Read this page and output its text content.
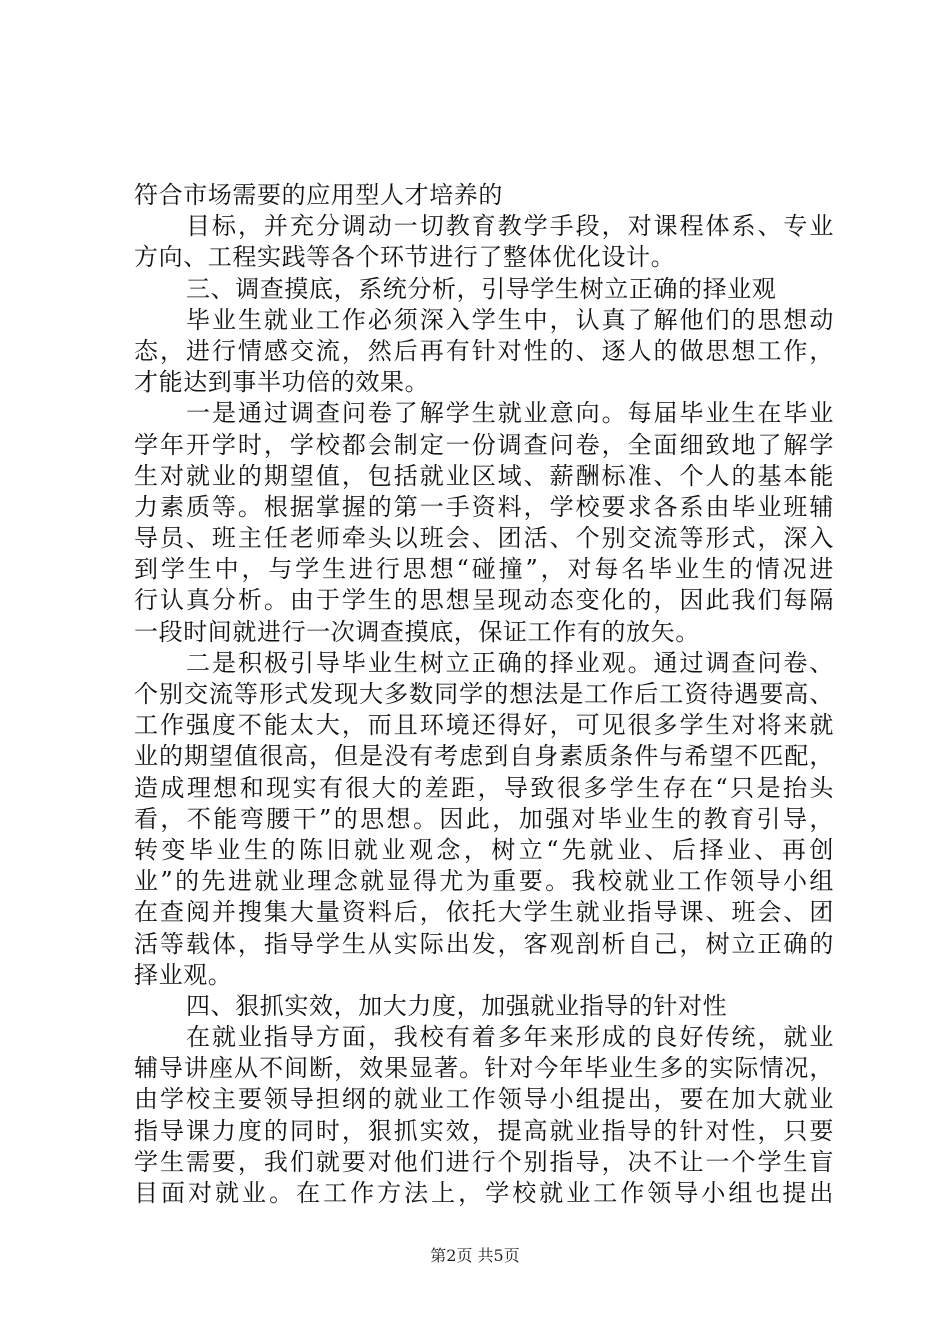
符合市场需要的应用型人才培养的
目标，并充分调动一切教育教学手段，对课程体系、专业
方向、工程实践等各个环节进行了整体优化设计。
三、调查摸底，系统分析，引导学生树立正确的择业观
毕业生就业工作必须深入学生中，认真了解他们的思想动
态，进行情感交流，然后再有针对性的、逐人的做思想工作，
才能达到事半功倍的效果。
一是通过调查问卷了解学生就业意向。每届毕业生在毕业
学年开学时，学校都会制定一份调查问卷，全面细致地了解学
生对就业的期望值，包括就业区域、薪酬标准、个人的基本能
力素质等。根据掌握的第一手资料，学校要求各系由毕业班辅
导员、班主任老师牵头以班会、团活、个别交流等形式，深入
到学生中，与学生进行思想“碰撞”，对每名毕业生的情况进
行认真分析。由于学生的思想呈现动态变化的，因此我们每隔
一段时间就进行一次调查摸底，保证工作有的放矢。
二是积极引导毕业生树立正确的择业观。通过调查问卷、
个别交流等形式发现大多数同学的想法是工作后工资待遇要高、
工作强度不能太大，而且环境还得好，可见很多学生对将来就
业的期望值很高，但是没有考虑到自身素质条件与希望不匹配，
造成理想和现实有很大的差距，导致很多学生存在“只是抬头
看，不能弯腰干”的思想。因此，加强对毕业生的教育引导，
转变毕业生的陈旧就业观念，树立“先就业、后择业、再创
业”的先进就业理念就显得尤为重要。我校就业工作领导小组
在查阅并搜集大量资料后，依托大学生就业指导课、班会、团
活等载体，指导学生从实际出发，客观剖析自己，树立正确的
择业观。
四、狠抓实效，加大力度，加强就业指导的针对性
在就业指导方面，我校有着多年来形成的良好传统，就业
辅导讲座从不间断，效果显著。针对今年毕业生多的实际情况，
由学校主要领导担纲的就业工作领导小组提出，要在加大就业
指导课力度的同时，狠抓实效，提高就业指导的针对性，只要
学生需要，我们就要对他们进行个别指导，决不让一个学生盲
目面对就业。在工作方法上，学校就业工作领导小组也提出
第2页 共5页
